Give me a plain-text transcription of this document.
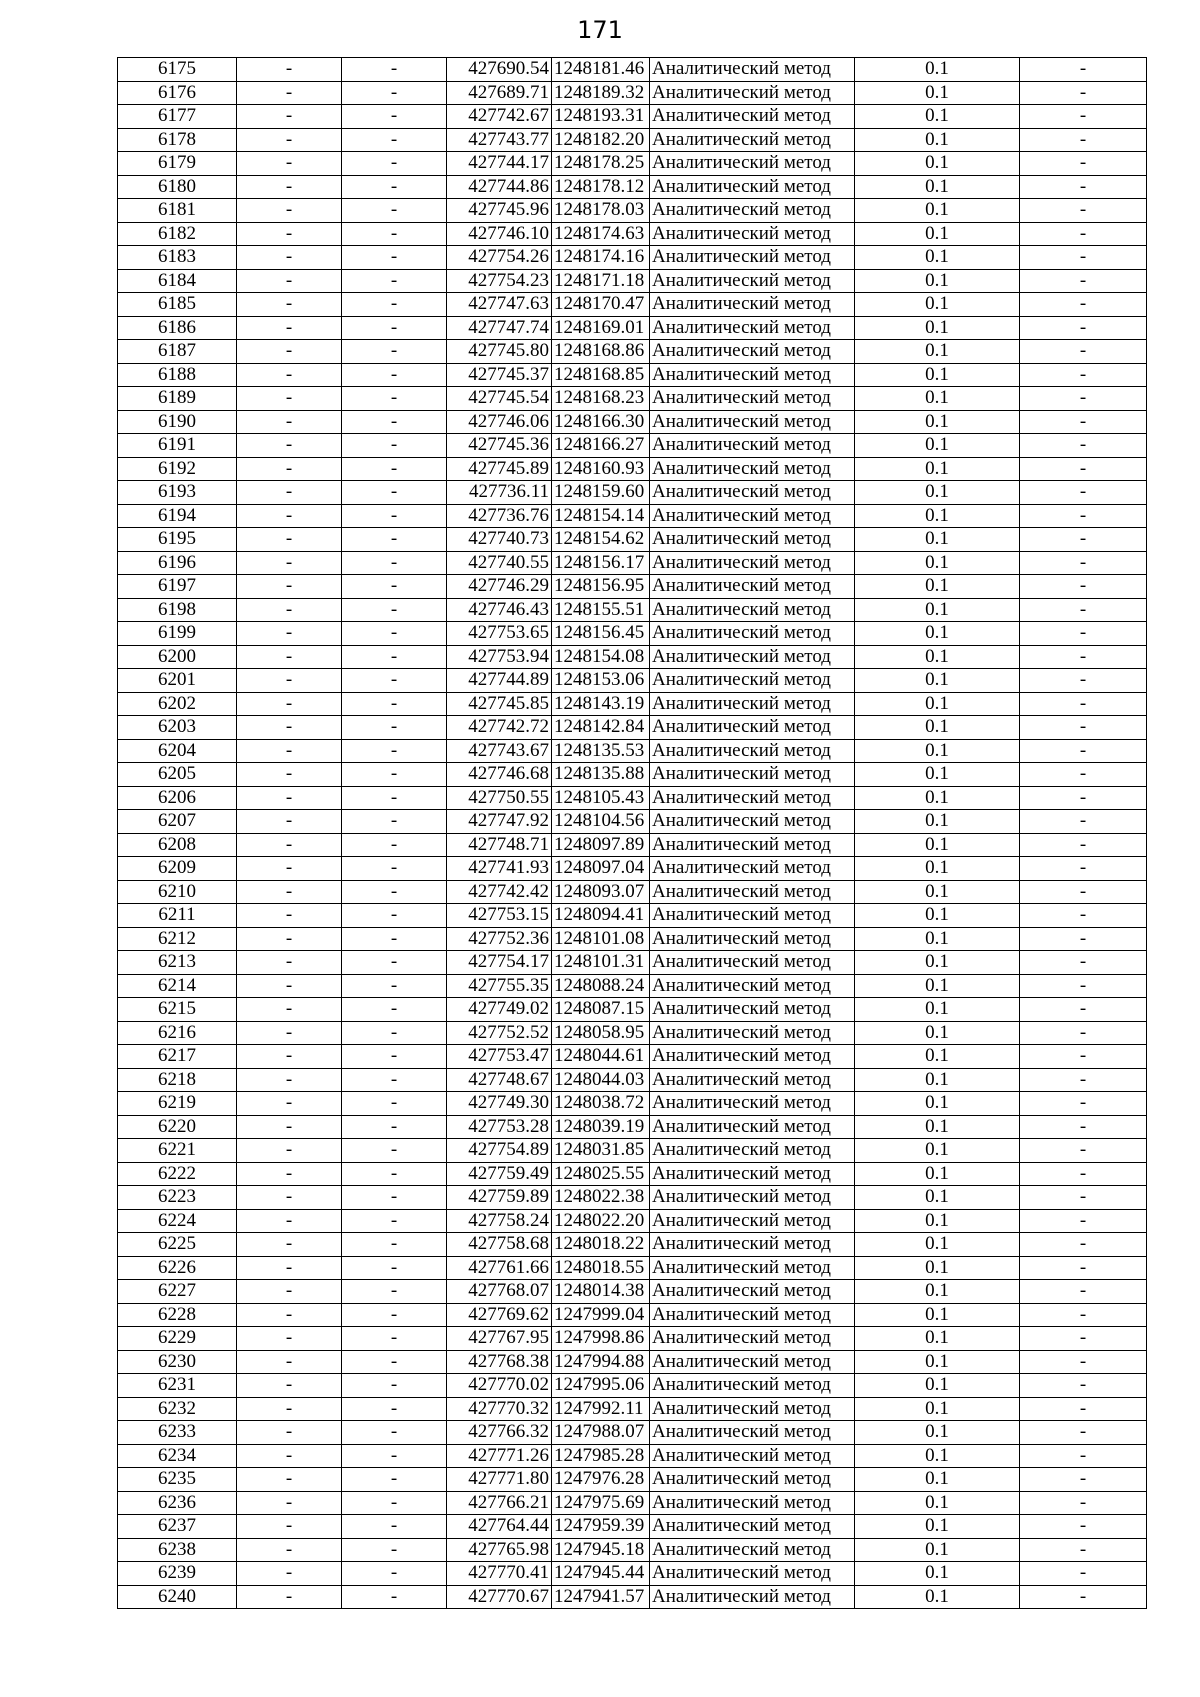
171
6175	-	-	427690.54	1248181.46	Аналитический метод	0.1	-
6176	-	-	427689.71	1248189.32	Аналитический метод	0.1	-
6177	-	-	427742.67	1248193.31	Аналитический метод	0.1	-
6178	-	-	427743.77	1248182.20	Аналитический метод	0.1	-
6179	-	-	427744.17	1248178.25	Аналитический метод	0.1	-
6180	-	-	427744.86	1248178.12	Аналитический метод	0.1	-
6181	-	-	427745.96	1248178.03	Аналитический метод	0.1	-
6182	-	-	427746.10	1248174.63	Аналитический метод	0.1	-
6183	-	-	427754.26	1248174.16	Аналитический метод	0.1	-
6184	-	-	427754.23	1248171.18	Аналитический метод	0.1	-
6185	-	-	427747.63	1248170.47	Аналитический метод	0.1	-
6186	-	-	427747.74	1248169.01	Аналитический метод	0.1	-
6187	-	-	427745.80	1248168.86	Аналитический метод	0.1	-
6188	-	-	427745.37	1248168.85	Аналитический метод	0.1	-
6189	-	-	427745.54	1248168.23	Аналитический метод	0.1	-
6190	-	-	427746.06	1248166.30	Аналитический метод	0.1	-
6191	-	-	427745.36	1248166.27	Аналитический метод	0.1	-
6192	-	-	427745.89	1248160.93	Аналитический метод	0.1	-
6193	-	-	427736.11	1248159.60	Аналитический метод	0.1	-
6194	-	-	427736.76	1248154.14	Аналитический метод	0.1	-
6195	-	-	427740.73	1248154.62	Аналитический метод	0.1	-
6196	-	-	427740.55	1248156.17	Аналитический метод	0.1	-
6197	-	-	427746.29	1248156.95	Аналитический метод	0.1	-
6198	-	-	427746.43	1248155.51	Аналитический метод	0.1	-
6199	-	-	427753.65	1248156.45	Аналитический метод	0.1	-
6200	-	-	427753.94	1248154.08	Аналитический метод	0.1	-
6201	-	-	427744.89	1248153.06	Аналитический метод	0.1	-
6202	-	-	427745.85	1248143.19	Аналитический метод	0.1	-
6203	-	-	427742.72	1248142.84	Аналитический метод	0.1	-
6204	-	-	427743.67	1248135.53	Аналитический метод	0.1	-
6205	-	-	427746.68	1248135.88	Аналитический метод	0.1	-
6206	-	-	427750.55	1248105.43	Аналитический метод	0.1	-
6207	-	-	427747.92	1248104.56	Аналитический метод	0.1	-
6208	-	-	427748.71	1248097.89	Аналитический метод	0.1	-
6209	-	-	427741.93	1248097.04	Аналитический метод	0.1	-
6210	-	-	427742.42	1248093.07	Аналитический метод	0.1	-
6211	-	-	427753.15	1248094.41	Аналитический метод	0.1	-
6212	-	-	427752.36	1248101.08	Аналитический метод	0.1	-
6213	-	-	427754.17	1248101.31	Аналитический метод	0.1	-
6214	-	-	427755.35	1248088.24	Аналитический метод	0.1	-
6215	-	-	427749.02	1248087.15	Аналитический метод	0.1	-
6216	-	-	427752.52	1248058.95	Аналитический метод	0.1	-
6217	-	-	427753.47	1248044.61	Аналитический метод	0.1	-
6218	-	-	427748.67	1248044.03	Аналитический метод	0.1	-
6219	-	-	427749.30	1248038.72	Аналитический метод	0.1	-
6220	-	-	427753.28	1248039.19	Аналитический метод	0.1	-
6221	-	-	427754.89	1248031.85	Аналитический метод	0.1	-
6222	-	-	427759.49	1248025.55	Аналитический метод	0.1	-
6223	-	-	427759.89	1248022.38	Аналитический метод	0.1	-
6224	-	-	427758.24	1248022.20	Аналитический метод	0.1	-
6225	-	-	427758.68	1248018.22	Аналитический метод	0.1	-
6226	-	-	427761.66	1248018.55	Аналитический метод	0.1	-
6227	-	-	427768.07	1248014.38	Аналитический метод	0.1	-
6228	-	-	427769.62	1247999.04	Аналитический метод	0.1	-
6229	-	-	427767.95	1247998.86	Аналитический метод	0.1	-
6230	-	-	427768.38	1247994.88	Аналитический метод	0.1	-
6231	-	-	427770.02	1247995.06	Аналитический метод	0.1	-
6232	-	-	427770.32	1247992.11	Аналитический метод	0.1	-
6233	-	-	427766.32	1247988.07	Аналитический метод	0.1	-
6234	-	-	427771.26	1247985.28	Аналитический метод	0.1	-
6235	-	-	427771.80	1247976.28	Аналитический метод	0.1	-
6236	-	-	427766.21	1247975.69	Аналитический метод	0.1	-
6237	-	-	427764.44	1247959.39	Аналитический метод	0.1	-
6238	-	-	427765.98	1247945.18	Аналитический метод	0.1	-
6239	-	-	427770.41	1247945.44	Аналитический метод	0.1	-
6240	-	-	427770.67	1247941.57	Аналитический метод	0.1	-
